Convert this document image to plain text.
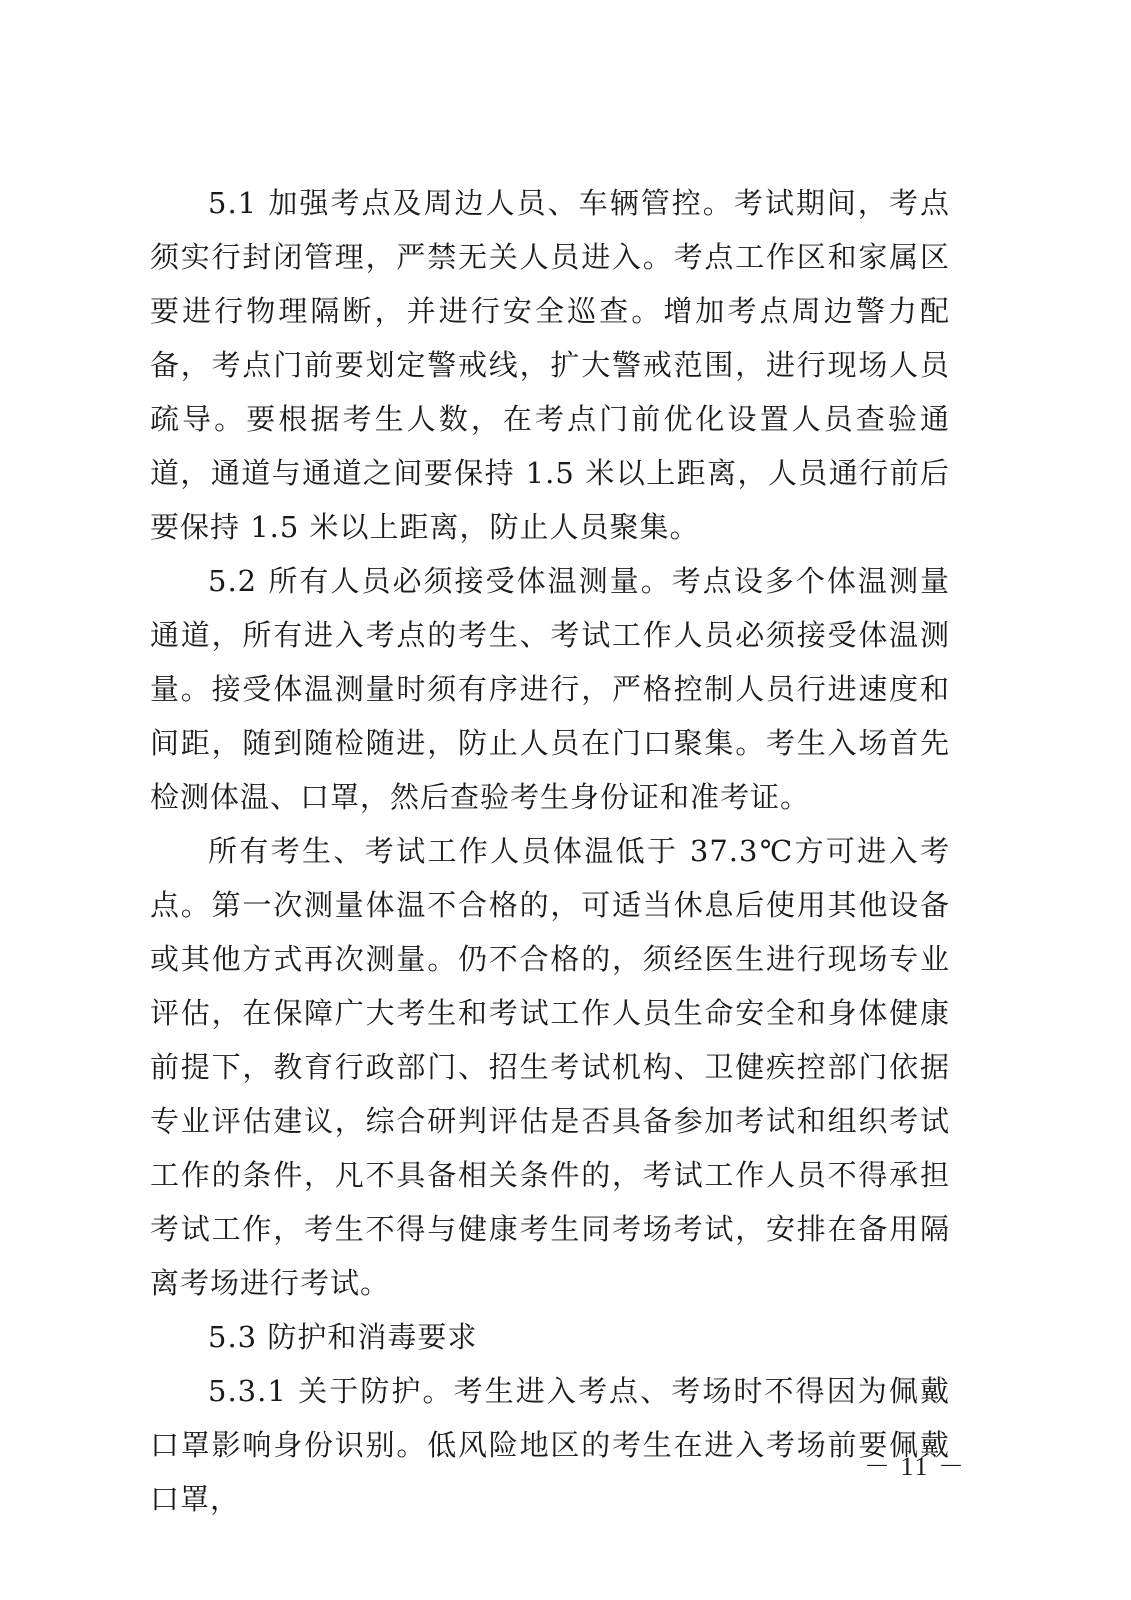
5.1 加强考点及周边人员、车辆管控。考试期间，考点须实行封闭管理，严禁无关人员进入。考点工作区和家属区要进行物理隔断，并进行安全巡查。增加考点周边警力配备，考点门前要划定警戒线，扩大警戒范围，进行现场人员疏导。要根据考生人数，在考点门前优化设置人员查验通道，通道与通道之间要保持 1.5 米以上距离，人员通行前后要保持 1.5 米以上距离，防止人员聚集。

5.2 所有人员必须接受体温测量。考点设多个体温测量通道，所有进入考点的考生、考试工作人员必须接受体温测量。接受体温测量时须有序进行，严格控制人员行进速度和间距，随到随检随进，防止人员在门口聚集。考生入场首先检测体温、口罩，然后查验考生身份证和准考证。

所有考生、考试工作人员体温低于 37.3℃方可进入考点。第一次测量体温不合格的，可适当休息后使用其他设备或其他方式再次测量。仍不合格的，须经医生进行现场专业评估，在保障广大考生和考试工作人员生命安全和身体健康前提下，教育行政部门、招生考试机构、卫健疾控部门依据专业评估建议，综合研判评估是否具备参加考试和组织考试工作的条件，凡不具备相关条件的，考试工作人员不得承担考试工作，考生不得与健康考生同考场考试，安排在备用隔离考场进行考试。

5.3 防护和消毒要求

5.3.1 关于防护。考生进入考点、考场时不得因为佩戴口罩影响身份识别。低风险地区的考生在进入考场前要佩戴口罩，

－ 11 －
